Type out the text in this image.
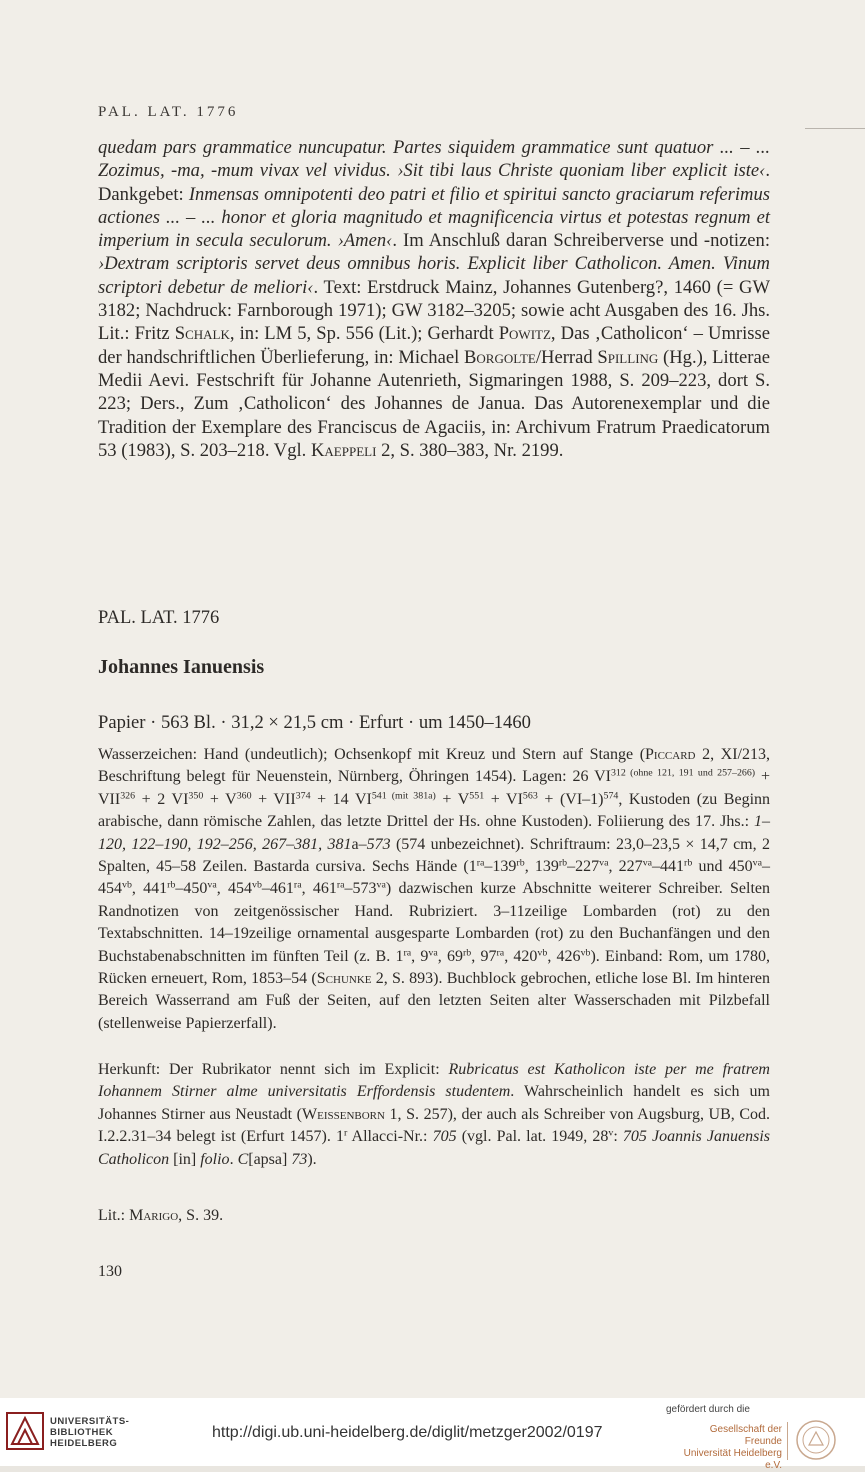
PAL. LAT. 1776

quedam pars grammatice nuncupatur. Partes siquidem grammatice sunt quatuor ... – ... Zozimus, -ma, -mum vivax vel vividus. ›Sit tibi laus Christe quoniam liber explicit iste‹. Dankgebet: Inmensas omnipotenti deo patri et filio et spiritui sancto graciarum referimus actiones ... – ... honor et gloria magnitudo et magnificencia virtus et potestas regnum et imperium in secula seculorum. ›Amen‹. Im Anschluß daran Schreiberverse und -notizen: ›Dextram scriptoris servet deus omnibus horis. Explicit liber Catholicon. Amen. Vinum scriptori debetur de meliori‹. Text: Erstdruck Mainz, Johannes Gutenberg?, 1460 (= GW 3182; Nachdruck: Farnborough 1971); GW 3182–3205; sowie acht Ausgaben des 16. Jhs. Lit.: Fritz Schalk, in: LM 5, Sp. 556 (Lit.); Gerhardt Powitz, Das ‚Catholicon‘ – Umrisse der handschriftlichen Überlieferung, in: Michael Borgolte/Herrad Spilling (Hg.), Litterae Medii Aevi. Festschrift für Johanne Autenrieth, Sigmaringen 1988, S. 209–223, dort S. 223; Ders., Zum ‚Catholicon‘ des Johannes de Janua. Das Autorenexemplar und die Tradition der Exemplare des Franciscus de Agaciis, in: Archivum Fratrum Praedicatorum 53 (1983), S. 203–218. Vgl. Kaeppeli 2, S. 380–383, Nr. 2199.

PAL. LAT. 1776
Johannes Ianuensis
Papier · 563 Bl. · 31,2 × 21,5 cm · Erfurt · um 1450–1460

Wasserzeichen: Hand (undeutlich); Ochsenkopf mit Kreuz und Stern auf Stange (Piccard 2, XI/213, Beschriftung belegt für Neuenstein, Nürnberg, Öhringen 1454). Lagen: 26 $VI^{312 (ohne 121, 191 und 257-266)} + VII^{326} + 2$ $VI^{350} + V^{360} + VII^{374} + 14$ $VI^{541 (mit 381a)} + V^{551} + VI^{563} + (VI-1)^{574}$, Kustoden (zu Beginn arabische, dann römische Zahlen, das letzte Drittel der Hs. ohne Kustoden). Foliierung des 17. Jhs.: 1–120, 122–190, 192–256, 267–381, 381a–573 (574 unbezeichnet). Schriftraum: 23,0–23,5 × 14,7 cm, 2 Spalten, 45–58 Zeilen. Bastarda cursiva. Sechs Hände ($1^{ra}-139^{rb}$, $139^{rb}-227^{va}$, $227^{va}-441^{rb}$ und $450^{va}-454^{vb}$, $441^{rb}-450^{va}$, $454^{vb}-461^{ra}$, $461^{ra}-573^{va}$) dazwischen kurze Abschnitte weiterer Schreiber. Selten Randnotizen von zeitgenössischer Hand. Rubriziert. 3–11zeilige Lombarden (rot) zu den Textabschnitten. 14–19zeilige ornamental ausgesparte Lombarden (rot) zu den Buchanfängen und den Buchstabenabschnitten im fünften Teil (z. B. $1^{ra}$, $9^{va}$, $69^{rb}$, $97^{ra}$, $420^{vb}$, $426^{vb}$). Einband: Rom, um 1780, Rücken erneuert, Rom, 1853–54 (Schunke 2, S. 893). Buchblock gebrochen, etliche lose Bl. Im hinteren Bereich Wasserrand am Fuß der Seiten, auf den letzten Seiten alter Wasserschaden mit Pilzbefall (stellenweise Papierzerfall).

Herkunft: Der Rubrikator nennt sich im Explicit: Rubricatus est Katholicon iste per me fratrem Iohannem Stirner alme universitatis Erffordensis studentem. Wahrscheinlich handelt es sich um Johannes Stirner aus Neustadt (Weissenborn 1, S. 257), der auch als Schreiber von Augsburg, UB, Cod. I.2.2.31–34 belegt ist (Erfurt 1457). 1$^r$ Allacci-Nr.: 705 (vgl. Pal. lat. 1949, 28$^v$: 705 Joannis Januensis Catholicon [in] folio. C[apsa] 73).

Lit.: Marigo, S. 39.
130
UNIVERSITÄTS-
BIBLIOTHEK
HEIDELBERG
http://digi.ub.uni-heidelberg.de/diglit/metzger2002/0197
gefördert durch die
Gesellschaft der Freunde
Universität Heidelberg e.V.
